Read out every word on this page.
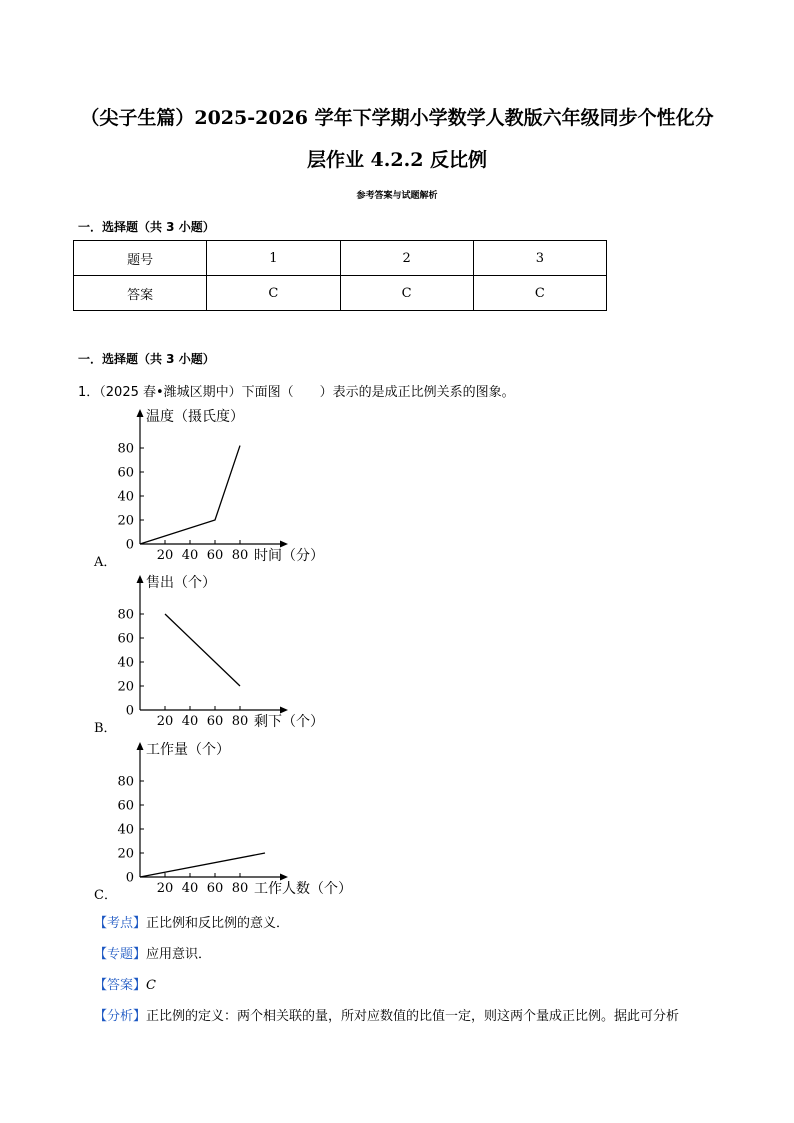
（尖子生篇）2025-2026 学年下学期小学数学人教版六年级同步个性化分
层作业 4.2.2 反比例
参考答案与试题解析
一．选择题（共 3 小题）
题号	1	2	3
答案	C	C	C
一．选择题（共 3 小题）
1．（2025 春•潍城区期中）下面图（　　）表示的是成正比例关系的图象。
0
20
40
60
80
20 40 60 80
温度（摄氏度）
时间（分）
A．
0
20
40
60
80
20 40 60 80
售出（个）
剩下（个）
B．
0
20
40
60
80
20 40 60 80
工作量（个）
工作人数（个）
C．
【考点】正比例和反比例的意义．
【专题】应用意识．
【答案】C
【分析】正比例的定义：两个相关联的量，所对应数值的比值一定，则这两个量成正比例。据此可分析
